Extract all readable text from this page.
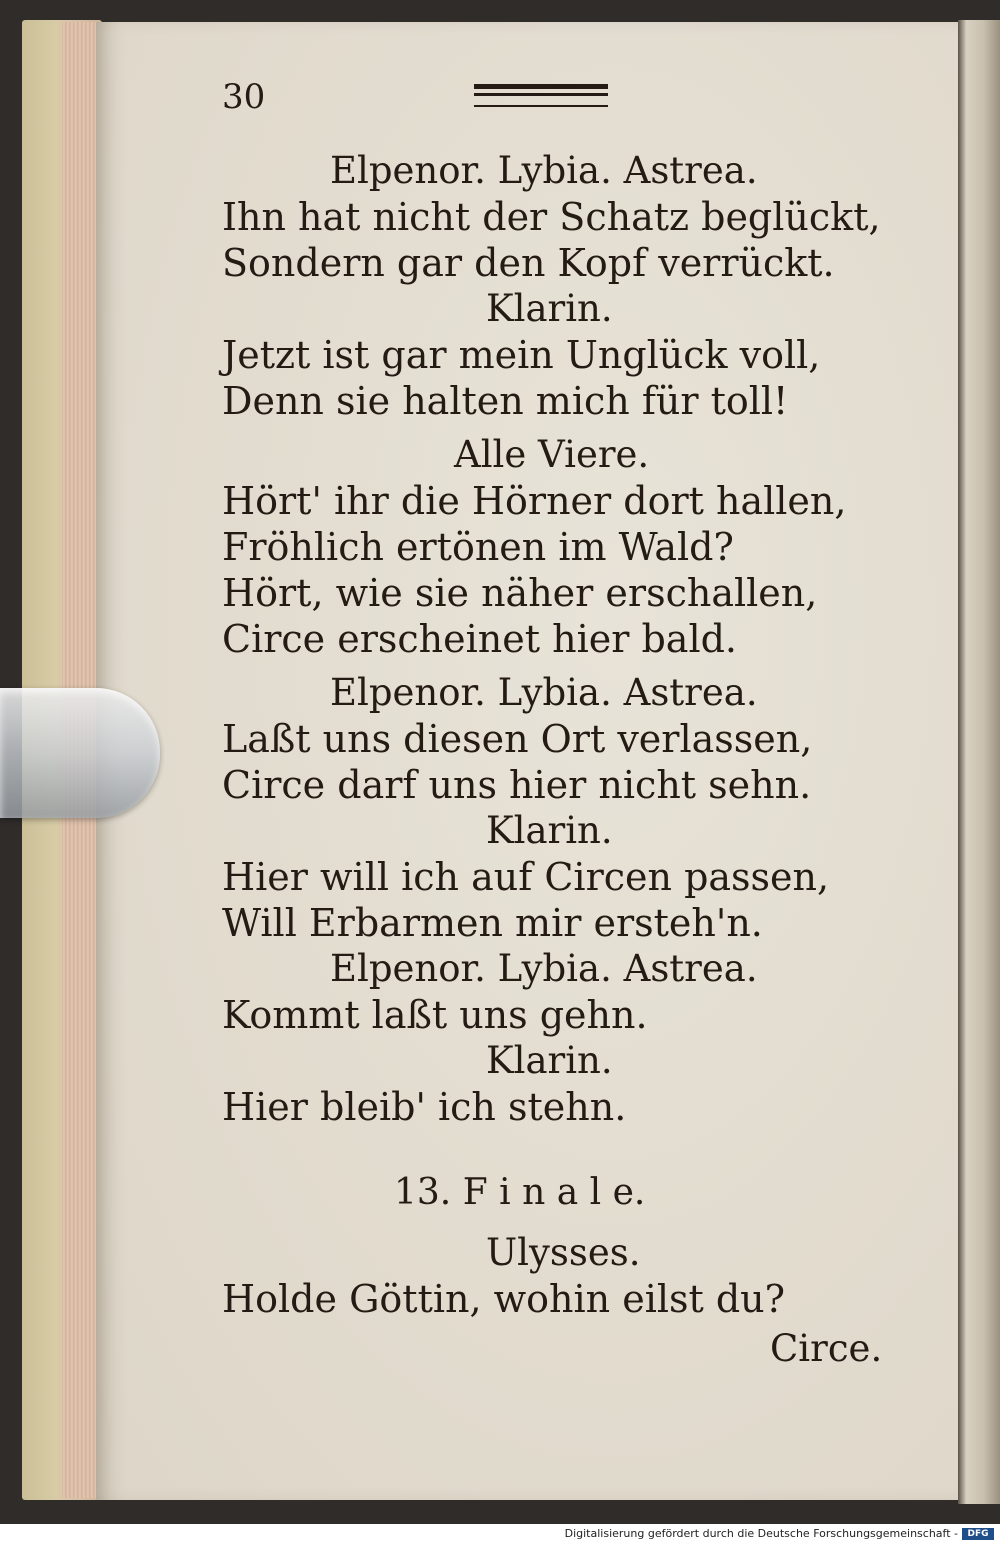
30
Elpenor. Lybia. Astrea.
Ihn hat nicht der Schatz beglückt,
Sondern gar den Kopf verrückt.
Klarin.
Jetzt ist gar mein Unglück voll,
Denn sie halten mich für toll!
Alle Viere.
Hört' ihr die Hörner dort hallen,
Fröhlich ertönen im Wald?
Hört, wie sie näher erschallen,
Circe erscheinet hier bald.
Elpenor. Lybia. Astrea.
Laßt uns diesen Ort verlassen,
Circe darf uns hier nicht sehn.
Klarin.
Hier will ich auf Circen passen,
Will Erbarmen mir ersteh'n.
Elpenor. Lybia. Astrea.
Kommt laßt uns gehn.
Klarin.
Hier bleib' ich stehn.
13. F i n a l e.
Ulysses.
Holde Göttin, wohin eilst du?
Circe.
Digitalisierung gefördert durch die Deutsche Forschungsgemeinschaft -	DFG
